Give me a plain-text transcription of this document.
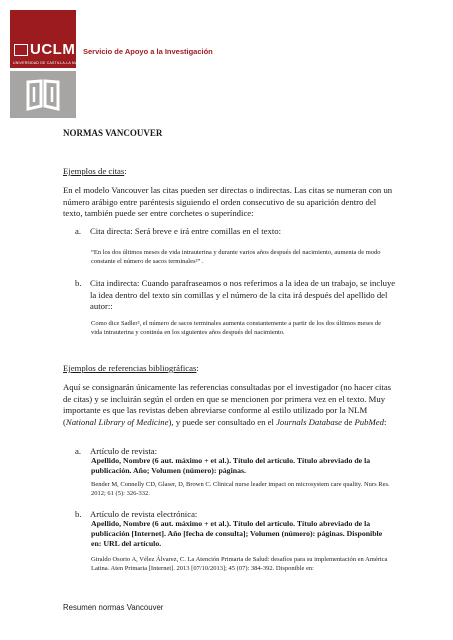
UCLM
UNIVERSIDAD DE CASTILLA-LA MANCHA
Servicio de Apoyo a la Investigación
NORMAS VANCOUVER
Ejemplos de citas:
En el modelo Vancouver las citas pueden ser directas o indirectas. Las citas se numeran con un número arábigo entre paréntesis siguiendo el orden consecutivo de su aparición dentro del texto, también puede ser entre corchetes o superíndice:
a. Cita directa: Será breve e irá entre comillas en el texto:
“En los dos últimos meses de vida intrauterina y durante varios años después del nacimiento, aumenta de modo constante el número de sacos terminales²” .
b. Cita indirecta: Cuando parafraseamos o nos referimos a la idea de un trabajo, se incluye la idea dentro del texto sin comillas y el número de la cita irá después del apellido del autor::
Como dice Sadler², el número de sacos terminales aumenta constantemente a partir de los dos últimos meses de vida intrauterina y continúa en los siguientes años después del nacimiento.
Ejemplos de referencias bibliográficas:
Aquí se consignarán únicamente las referencias consultadas por el investigador (no hacer citas de citas) y se incluirán según el orden en que se mencionen por primera vez en el texto. Muy importante es que las revistas deben abreviarse conforme al estilo utilizado por la NLM (National Library of Medicine), y puede ser consultado en el Journals Database de PubMed:
a. Artículo de revista:
Apellido, Nombre (6 aut. máximo + et al.). Título del artículo. Título abreviado de la publicación. Año; Volumen (número): páginas.
Bender M, Connelly CD, Glaser, D, Brown C. Clinical nurse leader impact on microsystem care quality. Nurs Res. 2012; 61 (5): 326-332.
b. Artículo de revista electrónica:
Apellido, Nombre (6 aut. máximo + et al.). Título del artículo. Título abreviado de la publicación [Internet]. Año [fecha de consulta]; Volumen (número): páginas. Disponible en: URL del artículo.
Giraldo Osorio A, Vélez Álvarez, C. La Atención Primaria de Salud: desafíos para su implementación en América Latina. Aten Primaria [Internet]. 2013 [07/10/2013]; 45 (07): 384-392. Disponible en:
Resumen normas Vancouver
